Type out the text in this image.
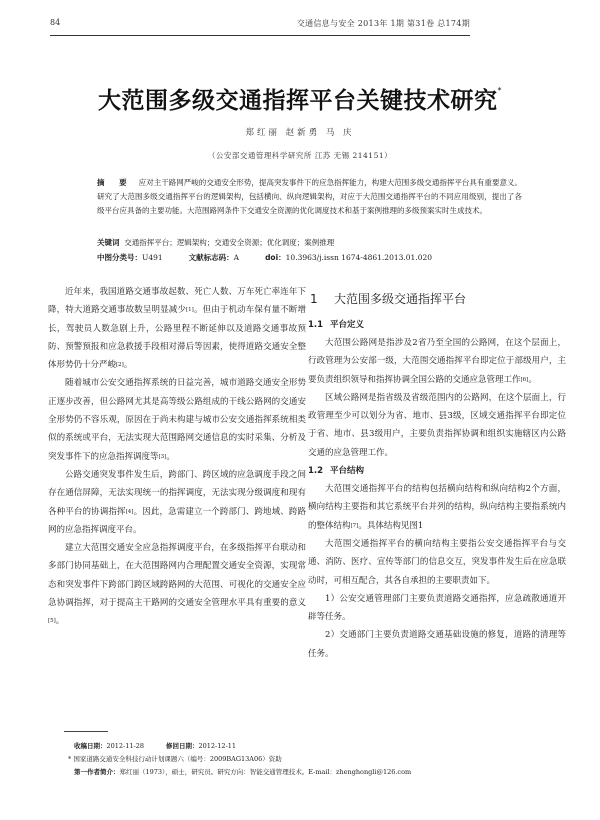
84	交通信息与安全 2013年 1期 第31卷 总174期
大范围多级交通指挥平台关键技术研究*
郑红丽 赵新勇 马 庆
（公安部交通管理科学研究所 江苏 无锡 214151）
摘 要 应对主干路网严峻的交通安全形势，提高突发事件下的应急指挥能力，构建大范围多级交通指挥平台具有重要意义。研究了大范围多级交通指挥平台的逻辑架构，包括横向、纵向逻辑架构，对应于大范围交通指挥平台的不同应用级别，提出了各级平台应具备的主要功能。大范围路网条件下交通安全资源的优化调度技术和基于案例推理的多级预案实时生成技术。
关键词 交通指挥平台；逻辑架构；交通安全资源；优化调度；案例推理
中图分类号：U491	文献标志码：A	doi：10.3963/j.issn 1674-4861.2013.01.020

近年来，我国道路交通事故起数、死亡人数、万车死亡率连年下降，特大道路交通事故数呈明显减少[1]。但由于机动车保有量不断增长，驾驶员人数急剧上升，公路里程不断延伸以及道路交通事故预防、预警预报和应急救援手段相对滞后等因素，使得道路交通安全整体形势仍十分严峻[2]。

随着城市公安交通指挥系统的日益完善，城市道路交通安全形势正逐步改善，但公路网尤其是高等级公路组成的干线公路网的交通安全形势仍不容乐观，原因在于尚未构建与城市公安交通指挥系统相类似的系统或平台，无法实现大范围路网交通信息的实时采集、分析及突发事件下的应急指挥调度等[3]。

公路交通突发事件发生后，跨部门、跨区域的应急调度手段之间存在通信屏障，无法实现统一的指挥调度，无法实现分级调度和现有各种平台的协调指挥[4]。因此，急需建立一个跨部门、跨地域、跨路网的应急指挥调度平台。

建立大范围交通安全应急指挥调度平台，在多级指挥平台联动和多部门协同基础上，在大范围路网内合理配置交通安全资源，实现常态和突发事件下跨部门跨区域跨路网的大范围、可视化的交通安全应急协调指挥，对于提高主干路网的交通安全管理水平具有重要的意义[5]。

1 大范围多级交通指挥平台
1.1 平台定义

大范围公路网是指涉及2省乃至全国的公路网，在这个层面上，行政管理为公安部一级，大范围交通指挥平台即定位于部级用户，主要负责组织领导和指挥协调全国公路的交通应急管理工作[6]。

区域公路网是指省级及省级范围内的公路网，在这个层面上，行政管理至少可以划分为省、地市、县3级，区域交通指挥平台即定位于省、地市、县3级用户，主要负责指挥协调和组织实施辖区内公路交通的应急管理工作。

1.2 平台结构

大范围交通指挥平台的结构包括横向结构和纵向结构2个方面，横向结构主要指和其它系统平台并列的结构，纵向结构主要指系统内的整体结构[7]。具体结构见图1

大范围交通指挥平台的横向结构主要指公安交通指挥平台与交通、消防、医疗、宣传等部门的信息交互，突发事件发生后在应急联动时，可相互配合，其各自承担的主要职责如下。

1）公安交通管理部门主要负责道路交通指挥，应急疏散通道开辟等任务。

2）交通部门主要负责道路交通基础设施的修复，道路的清理等任务。

收稿日期：2012-11-28	修回日期：2012-12-11
* 国家道路交通安全科技行动计划课题六（编号：2009BAG13A06）资助
第一作者简介：郑红丽（1973），硕士，研究员。研究方向：智能交通管理技术。E-mail：zhenghongli@126.com
